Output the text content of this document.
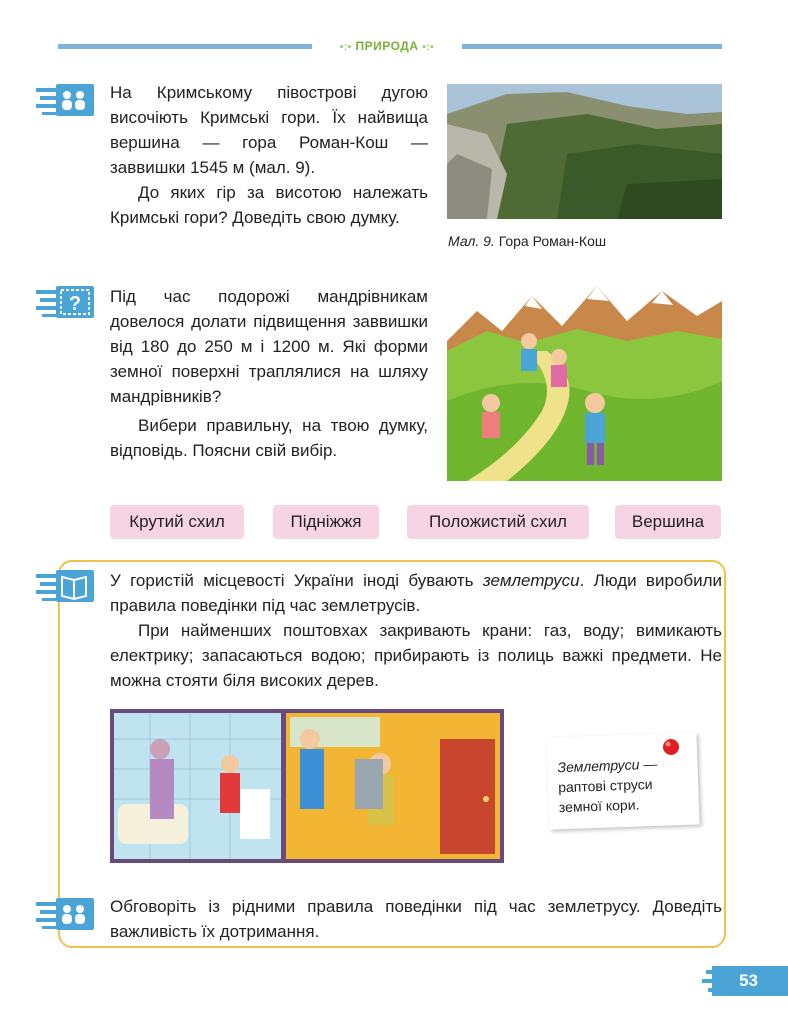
•:• ПРИРОДА •:•

На Кримському півострові дугою височіють Кримські гори. Їх найвища вершина — гора Роман-Кош — заввишки 1545 м (мал. 9).

До яких гір за висотою належать Кримські гори? Доведіть свою думку.

Мал. 9. Гора Роман-Кош
? Під час подорожі мандрівникам довелося долати підвищення заввишки від 180 до 250 м і 1200 м. Які форми земної поверхні траплялися на шляху мандрівників?

Вибери правильну, на твою думку, відповідь. Поясни свій вибір.

Крутий схил	Підніжжя	Положистий схил	Вершина

У гористій місцевості України іноді бувають землетруси. Люди виробили правила поведінки під час землетрусів.

При найменших поштовхах закривають крани: газ, воду; вимикають електрику; запасаються водою; прибирають із полиць важкі предмети. Не можна стояти біля високих дерев.

Землетруси —
раптові струси земної кори.

Обговоріть із рідними правила поведінки під час землетрусу. Доведіть важливість їх дотримання.

53
